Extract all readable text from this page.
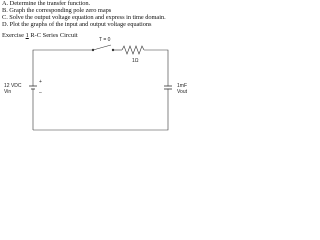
A. Determine the transfer function.
B. Graph the corresponding pole zero maps
C. Solve the output voltage equation and express in time domain.
D. Plot the graphs of the input and output voltage equations
Exercise 1 R-C Series Circuit
T = 0
1Ω
12 VDC
Vin
+
–
1mF
Vout
